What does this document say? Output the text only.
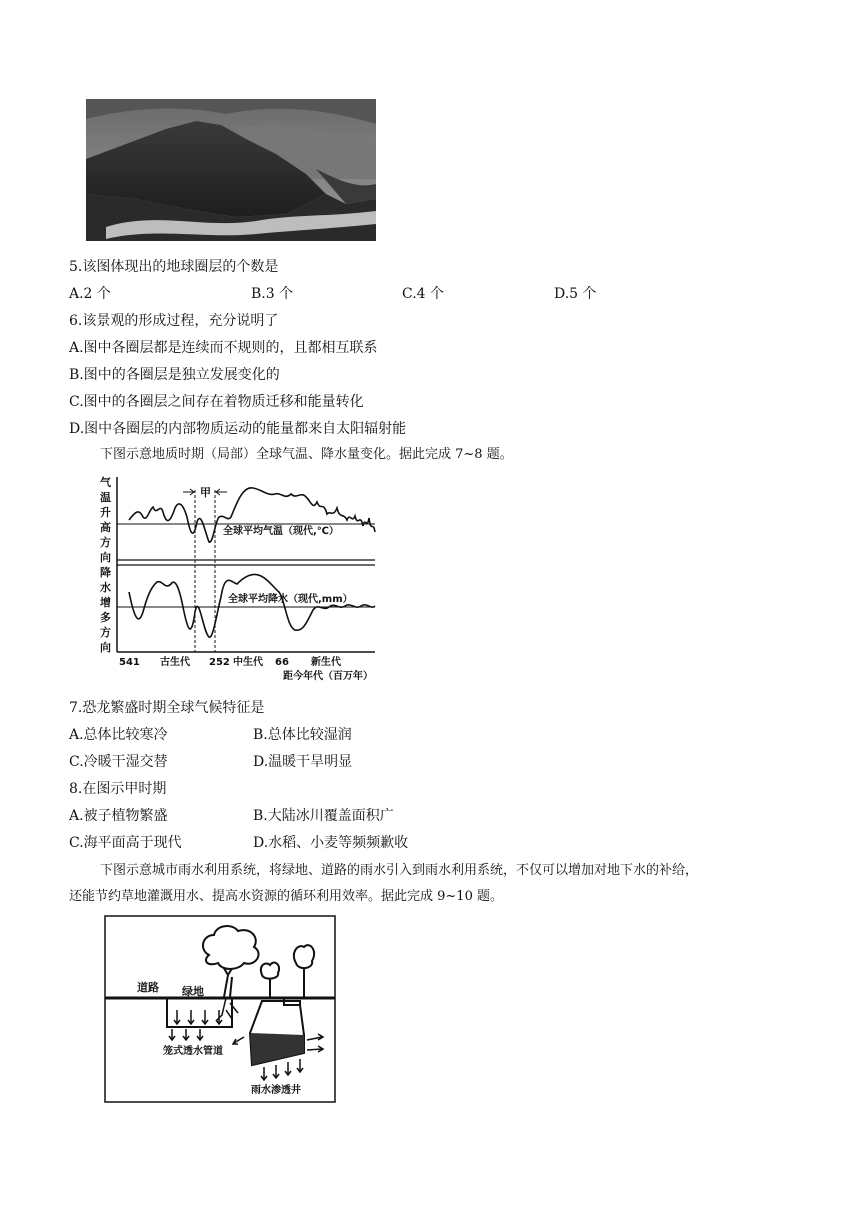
5.该图体现出的地球圈层的个数是
A.2 个	B.3 个	C.4 个	D.5 个
6.该景观的形成过程，充分说明了
A.图中各圈层都是连续而不规则的，且都相互联系
B.图中的各圈层是独立发展变化的
C.图中的各圈层之间存在着物质迁移和能量转化
D.图中各圈层的内部物质运动的能量都来自太阳辐射能
下图示意地质时期（局部）全球气温、降水量变化。据此完成 7~8 题。
气
温
升
高
方
向
降
水
增
多
方
向
甲
全球平均气温（现代,℃）
全球平均降水（现代,mm）
541 古生代 252 中生代 66 新生代
距今年代（百万年）
7.恐龙繁盛时期全球气候特征是
A.总体比较寒冷	B.总体比较湿润
C.冷暖干湿交替	D.温暖干旱明显
8.在图示甲时期
A.被子植物繁盛	B.大陆冰川覆盖面积广
C.海平面高于现代	D.水稻、小麦等频频歉收
下图示意城市雨水利用系统，将绿地、道路的雨水引入到雨水利用系统，不仅可以增加对地下水的补给，
还能节约草地灌溉用水、提高水资源的循环利用效率。据此完成 9~10 题。
道路 绿地
笼式透水管道
雨水渗透井
